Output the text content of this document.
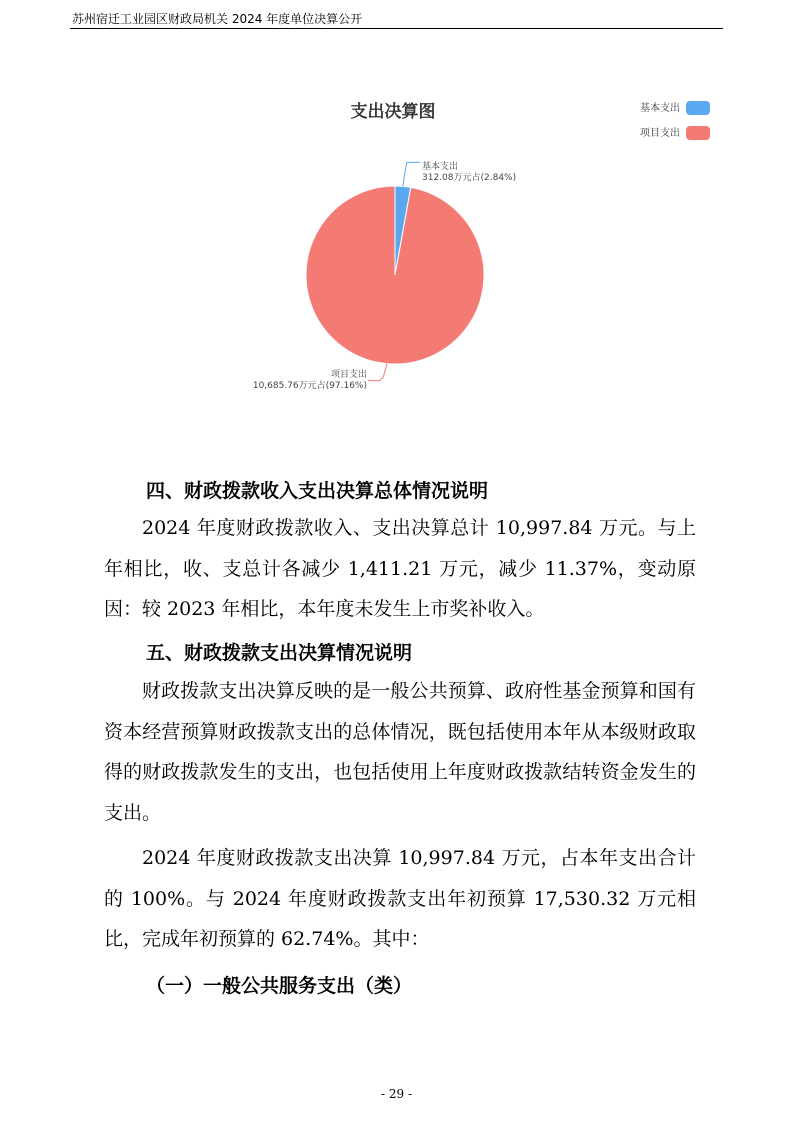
苏州宿迁工业园区财政局机关 2024 年度单位决算公开
支出决算图	基本支出
项目支出
基本支出
312.08万元占(2.84%)
项目支出
10,685.76万元占(97.16%)
四、财政拨款收入支出决算总体情况说明
2024 年度财政拨款收入、支出决算总计 10,997.84 万元。与上年相比，收、支总计各减少 1,411.21 万元，减少 11.37%，变动原因：较 2023 年相比，本年度未发生上市奖补收入。
五、财政拨款支出决算情况说明
财政拨款支出决算反映的是一般公共预算、政府性基金预算和国有资本经营预算财政拨款支出的总体情况，既包括使用本年从本级财政取得的财政拨款发生的支出，也包括使用上年度财政拨款结转资金发生的支出。
2024 年度财政拨款支出决算 10,997.84 万元，占本年支出合计的 100%。与 2024 年度财政拨款支出年初预算 17,530.32 万元相比，完成年初预算的 62.74%。其中：
（一）一般公共服务支出（类）
- 29 -
